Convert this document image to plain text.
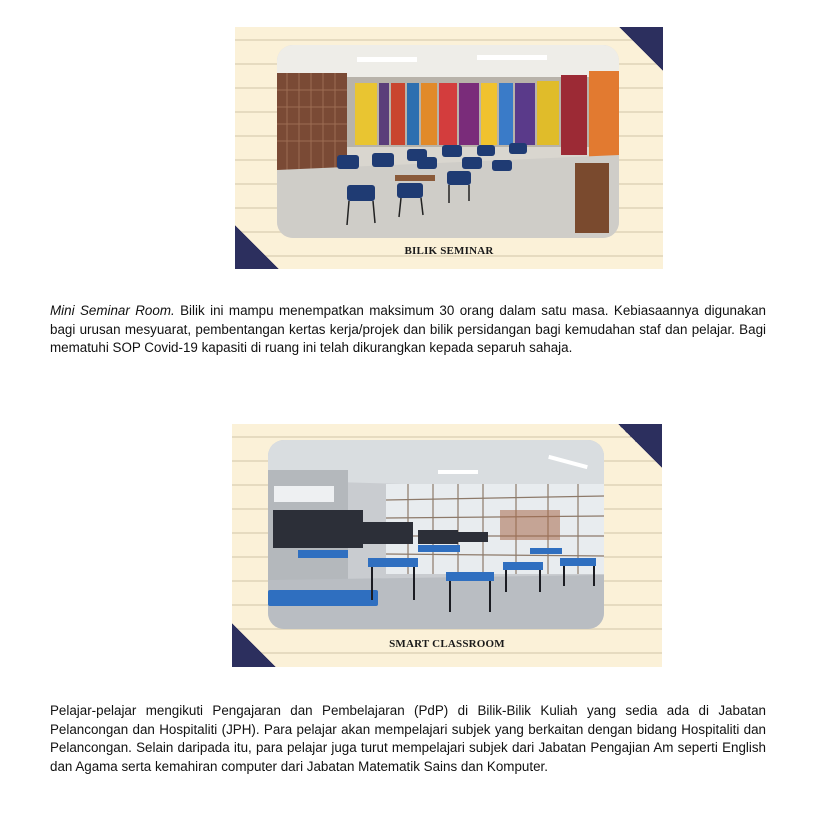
BILIK SEMINAR

Mini Seminar Room. Bilik ini mampu menempatkan maksimum 30 orang dalam satu masa. Kebiasaannya digunakan bagi urusan mesyuarat, pembentangan kertas kerja/projek dan bilik persidangan bagi kemudahan staf dan pelajar. Bagi mematuhi SOP Covid-19 kapasiti di ruang ini telah dikurangkan kepada separuh sahaja.

SMART CLASSROOM

Pelajar-pelajar mengikuti Pengajaran dan Pembelajaran (PdP) di Bilik-Bilik Kuliah yang sedia ada di Jabatan Pelancongan dan Hospitaliti (JPH). Para pelajar akan mempelajari subjek yang berkaitan dengan bidang Hospitaliti dan Pelancongan. Selain daripada itu, para pelajar juga turut mempelajari subjek dari Jabatan Pengajian Am seperti English dan Agama serta kemahiran computer dari Jabatan Matematik Sains dan Komputer.
